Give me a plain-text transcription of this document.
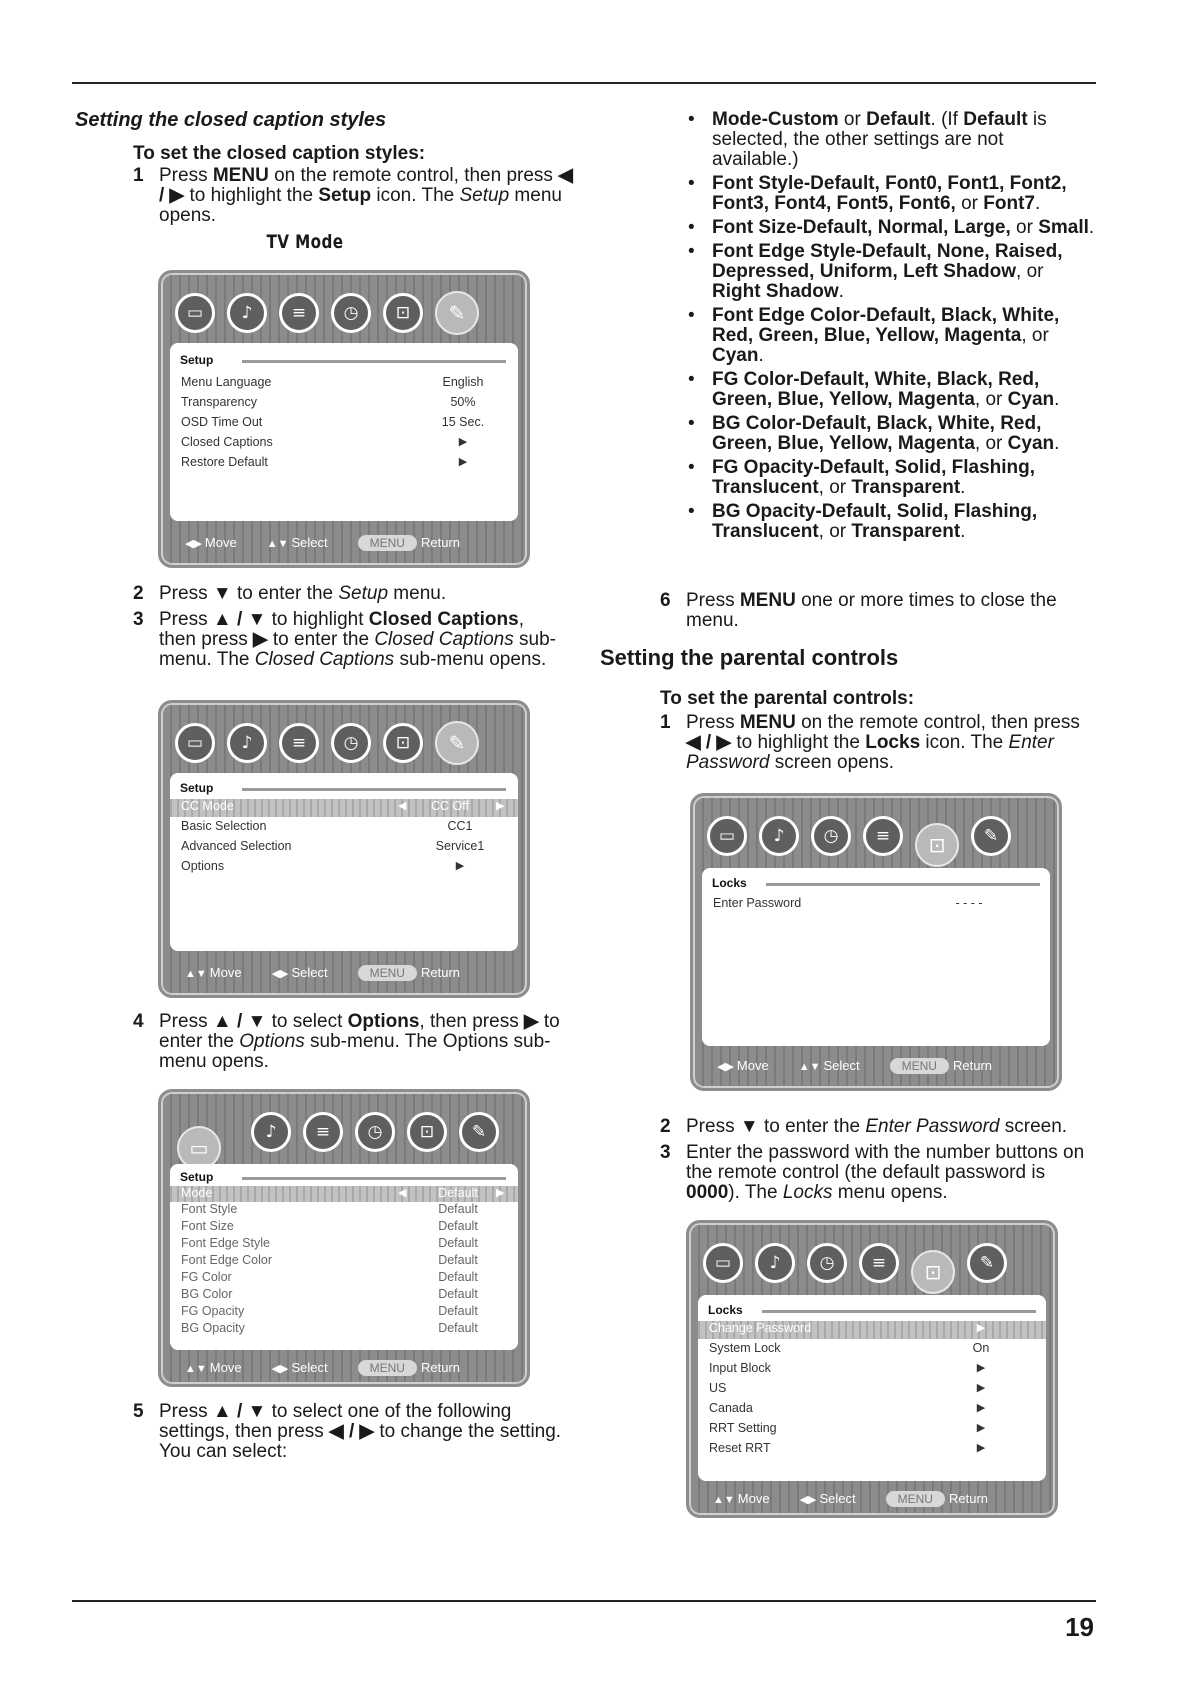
Setting the closed caption styles
To set the closed caption styles:
1 Press MENU on the remote control, then press ◀ / ▶ to highlight the Setup icon. The Setup menu opens.

TV Mode
▭	♪	≡	◷	⊡	✎
Setup
Menu Language	English
Transparency	50%
OSD Time Out	15 Sec.
Closed Captions	▶
Restore Default	▶
◀▶ Move	▲▼ Select	MENU Return
2 Press ▼ to enter the Setup menu.

3 Press ▲ / ▼ to highlight Closed Captions, then press ▶ to enter the Closed Captions sub-menu. The Closed Captions sub-menu opens.

▭	♪	≡	◷	⊡	✎
Setup
CC Mode	◀	CC Off	▶
Basic Selection	CC1
Advanced Selection	Service1
Options	▶
▲▼ Move	◀▶ Select	MENU Return
4 Press ▲ / ▼ to select Options, then press ▶ to enter the Options sub-menu. The Options sub-menu opens.

♪	≡	◷	⊡	✎
▭
Setup
Mode	◀	Default	▶
Font Style	Default
Font Size	Default
Font Edge Style	Default
Font Edge Color	Default
FG Color	Default
BG Color	Default
FG Opacity	Default
BG Opacity	Default
▲▼ Move	◀▶ Select	MENU Return
5 Press ▲ / ▼ to select one of the following settings, then press ◀ / ▶ to change the setting. You can select:

• Mode-Custom or Default. (If Default is selected, the other settings are not available.)
• Font Style-Default, Font0, Font1, Font2, Font3, Font4, Font5, Font6, or Font7.
• Font Size-Default, Normal, Large, or Small.
• Font Edge Style-Default, None, Raised, Depressed, Uniform, Left Shadow, or Right Shadow.
• Font Edge Color-Default, Black, White, Red, Green, Blue, Yellow, Magenta, or Cyan.
• FG Color-Default, White, Black, Red, Green, Blue, Yellow, Magenta, or Cyan.
• BG Color-Default, Black, White, Red, Green, Blue, Yellow, Magenta, or Cyan.
• FG Opacity-Default, Solid, Flashing, Translucent, or Transparent.
• BG Opacity-Default, Solid, Flashing, Translucent, or Transparent.
6 Press MENU one or more times to close the menu.

Setting the parental controls
To set the parental controls:
1 Press MENU on the remote control, then press ◀ / ▶ to highlight the Locks icon. The Enter Password screen opens.

▭	♪	◷	≡	⊡	✎
Locks
Enter Password	- - - -
◀▶ Move	▲▼ Select	MENU Return
2 Press ▼ to enter the Enter Password screen.

3 Enter the password with the number buttons on the remote control (the default password is 0000). The Locks menu opens.

▭	♪	◷	≡	⊡	✎
Locks
Change Password	▶
System Lock	On
Input Block	▶
US	▶
Canada	▶
RRT Setting	▶
Reset RRT	▶
▲▼ Move	◀▶ Select	MENU Return
19
